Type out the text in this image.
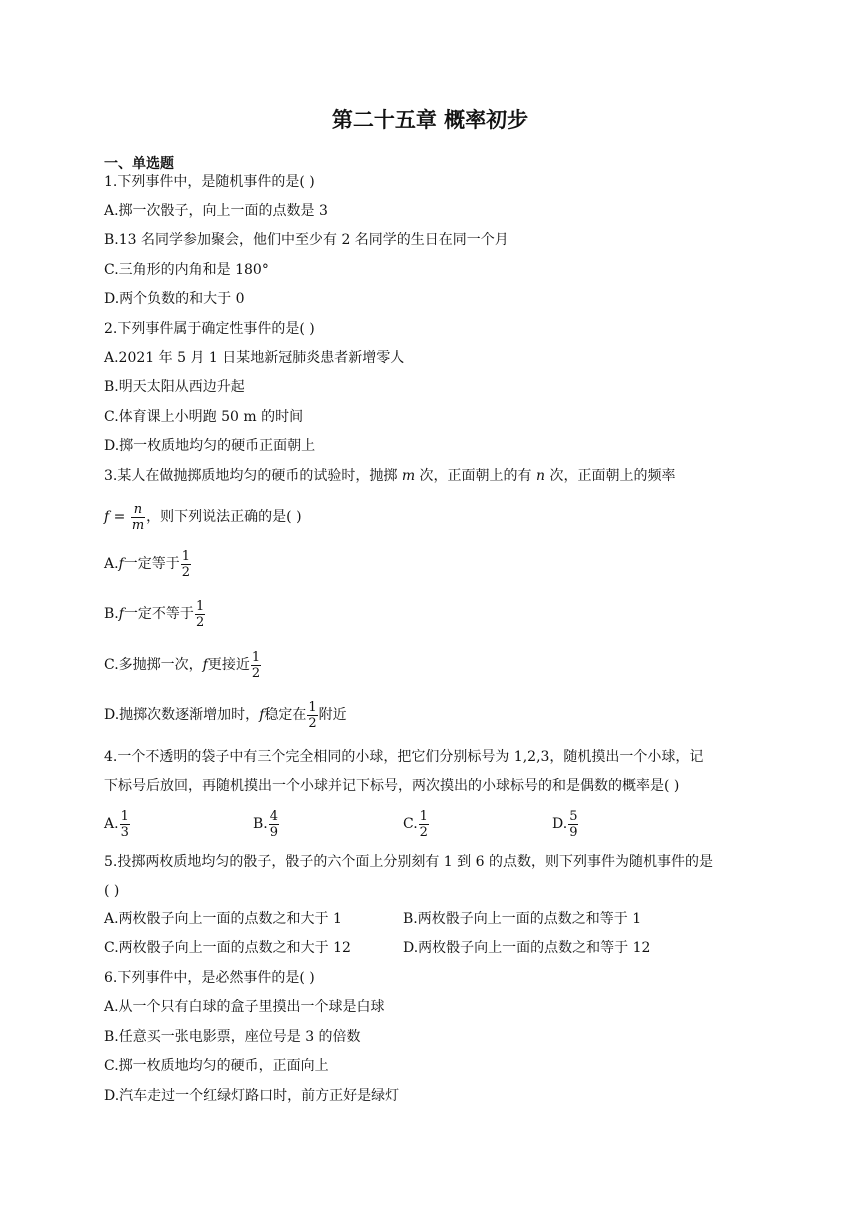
第二十五章 概率初步
一、单选题
1.下列事件中，是随机事件的是( )
A.掷一次骰子，向上一面的点数是 3
B.13 名同学参加聚会，他们中至少有 2 名同学的生日在同一个月
C.三角形的内角和是 180°
D.两个负数的和大于 0
2.下列事件属于确定性事件的是( )
A.2021 年 5 月 1 日某地新冠肺炎患者新增零人
B.明天太阳从西边升起
C.体育课上小明跑 50 m 的时间
D.掷一枚质地均匀的硬币正面朝上
3.某人在做抛掷质地均匀的硬币的试验时，抛掷 m 次，正面朝上的有 n 次，正面朝上的频率
$f = \frac{n}{m}$ ，则下列说法正确的是( )
A.f一定等于 $\frac{1}{2}$
B.f一定不等于 $\frac{1}{2}$
C.多抛掷一次，f更接近 $\frac{1}{2}$
D.抛掷次数逐渐增加时，f稳定在 $\frac{1}{2}$ 附近
4.一个不透明的袋子中有三个完全相同的小球，把它们分别标号为 1,2,3，随机摸出一个小球，记
下标号后放回，再随机摸出一个小球并记下标号，两次摸出的小球标号的和是偶数的概率是( )
A. $\frac{1}{3}$	B. $\frac{4}{9}$	C. $\frac{1}{2}$	D. $\frac{5}{9}$
5.投掷两枚质地均匀的骰子，骰子的六个面上分别刻有 1 到 6 的点数，则下列事件为随机事件的是
( )
A.两枚骰子向上一面的点数之和大于 1	B.两枚骰子向上一面的点数之和等于 1
C.两枚骰子向上一面的点数之和大于 12	D.两枚骰子向上一面的点数之和等于 12
6.下列事件中，是必然事件的是( )
A.从一个只有白球的盒子里摸出一个球是白球
B.任意买一张电影票，座位号是 3 的倍数
C.掷一枚质地均匀的硬币，正面向上
D.汽车走过一个红绿灯路口时，前方正好是绿灯
